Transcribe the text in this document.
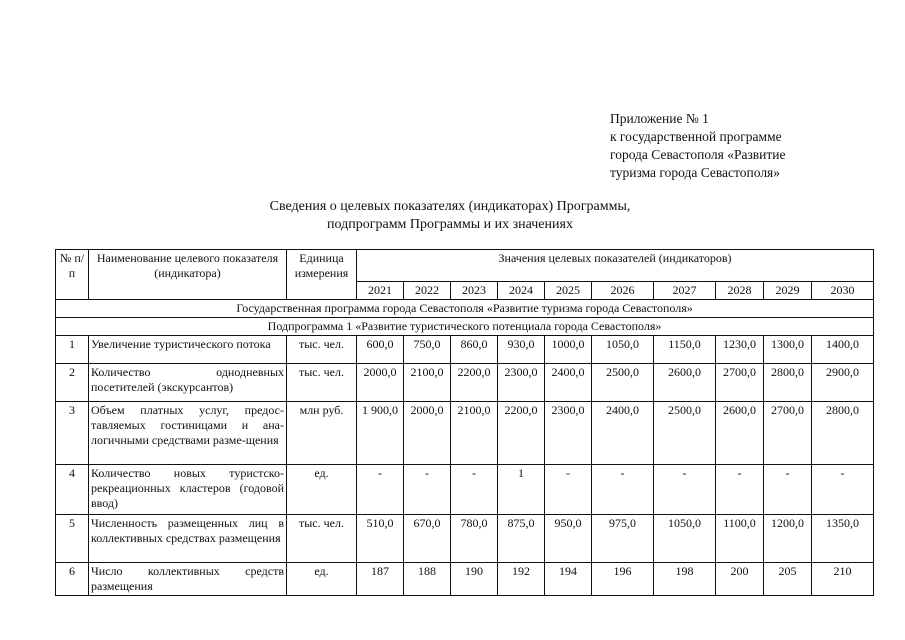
Приложение № 1
к государственной программе
города Севастополя «Развитие
туризма города Севастополя»
Сведения о целевых показателях (индикаторах) Программы,
подпрограмм Программы и их значениях
№ п/п	Наименование целевого показателя (индикатора)	Единица измерения	Значения целевых показателей (индикаторов)									
			2021	2022	2023	2024	2025	2026	2027	2028	2029	2030
Государственная программа города Севастополя «Развитие туризма города Севастополя»												
Подпрограмма 1 «Развитие туристического потенциала города Севастополя»												
1	Увеличение туристического потока	тыс. чел.	600,0	750,0	860,0	930,0	1000,0	1050,0	1150,0	1230,0	1300,0	1400,0
2	Количество однодневных посетителей (экскурсантов)	тыс. чел.	2000,0	2100,0	2200,0	2300,0	2400,0	2500,0	2600,0	2700,0	2800,0	2900,0
3	Объем платных услуг, предос-тавляемых гостиницами и ана-логичными средствами разме-щения	млн руб.	1 900,0	2000,0	2100,0	2200,0	2300,0	2400,0	2500,0	2600,0	2700,0	2800,0
4	Количество новых туристско-рекреационных кластеров (годовой ввод)	ед.	-	-	-	1	-	-	-	-	-	-
5	Численность размещенных лиц в коллективных средствах размещения	тыс. чел.	510,0	670,0	780,0	875,0	950,0	975,0	1050,0	1100,0	1200,0	1350,0
6	Число коллективных средств размещения	ед.	187	188	190	192	194	196	198	200	205	210
